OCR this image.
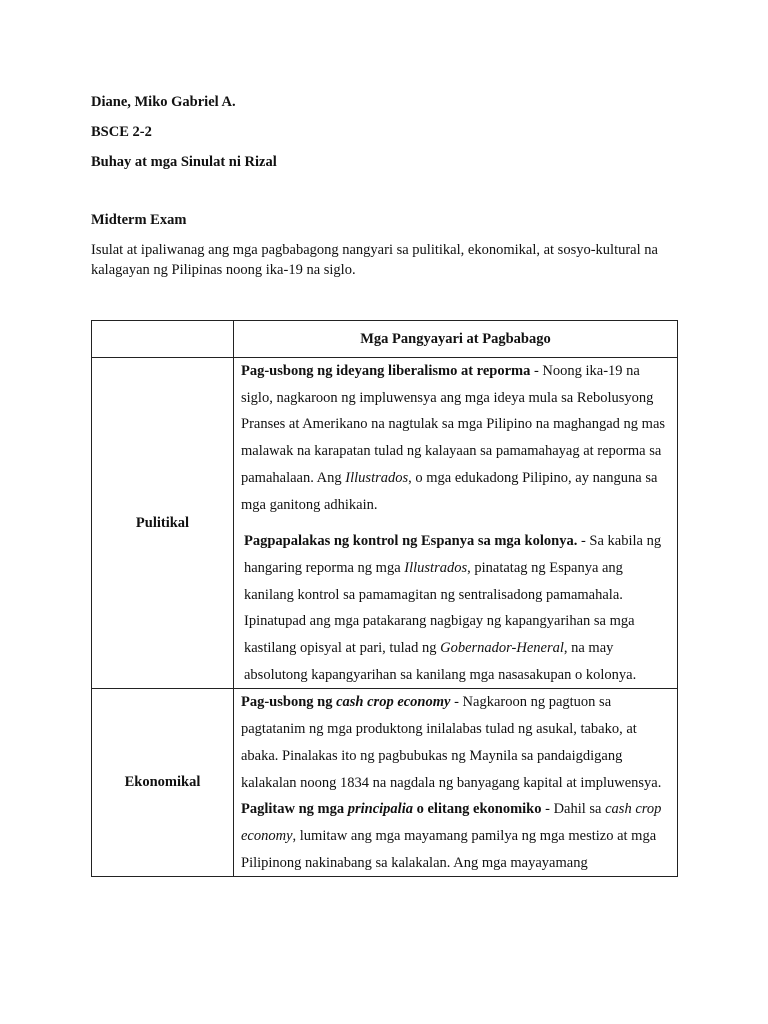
Diane, Miko Gabriel A.
BSCE 2-2
Buhay at mga Sinulat ni Rizal
Midterm Exam
Isulat at ipaliwanag ang mga pagbabagong nangyari sa pulitikal, ekonomikal, at sosyo-kultural na kalagayan ng Pilipinas noong ika-19 na siglo.
	Mga Pangyayari at Pagbabago
Pulitikal	Pag-usbong ng ideyang liberalismo at reporma - Noong ika-19 na siglo, nagkaroon ng impluwensya ang mga ideya mula sa Rebolusyong Pranses at Amerikano na nagtulak sa mga Pilipino na maghangad ng mas malawak na karapatan tulad ng kalayaan sa pamamahayag at reporma sa pamahalaan. Ang Illustrados, o mga edukadong Pilipino, ay nanguna sa mga ganitong adhikain.
Pagpapalakas ng kontrol ng Espanya sa mga kolonya. - Sa kabila ng hangaring reporma ng mga Illustrados, pinatatag ng Espanya ang kanilang kontrol sa pamamagitan ng sentralisadong pamamahala. Ipinatupad ang mga patakarang nagbigay ng kapangyarihan sa mga kastilang opisyal at pari, tulad ng Gobernador-Heneral, na may absolutong kapangyarihan sa kanilang mga nasasakupan o kolonya.

Ekonomikal	Pag-usbong ng cash crop economy - Nagkaroon ng pagtuon sa pagtatanim ng mga produktong inilalabas tulad ng asukal, tabako, at abaka. Pinalakas ito ng pagbubukas ng Maynila sa pandaigdigang kalakalan noong 1834 na nagdala ng banyagang kapital at impluwensya.
Paglitaw ng mga principalia o elitang ekonomiko - Dahil sa cash crop economy, lumitaw ang mga mayamang pamilya ng mga mestizo at mga Pilipinong nakinabang sa kalakalan. Ang mga mayayamang
